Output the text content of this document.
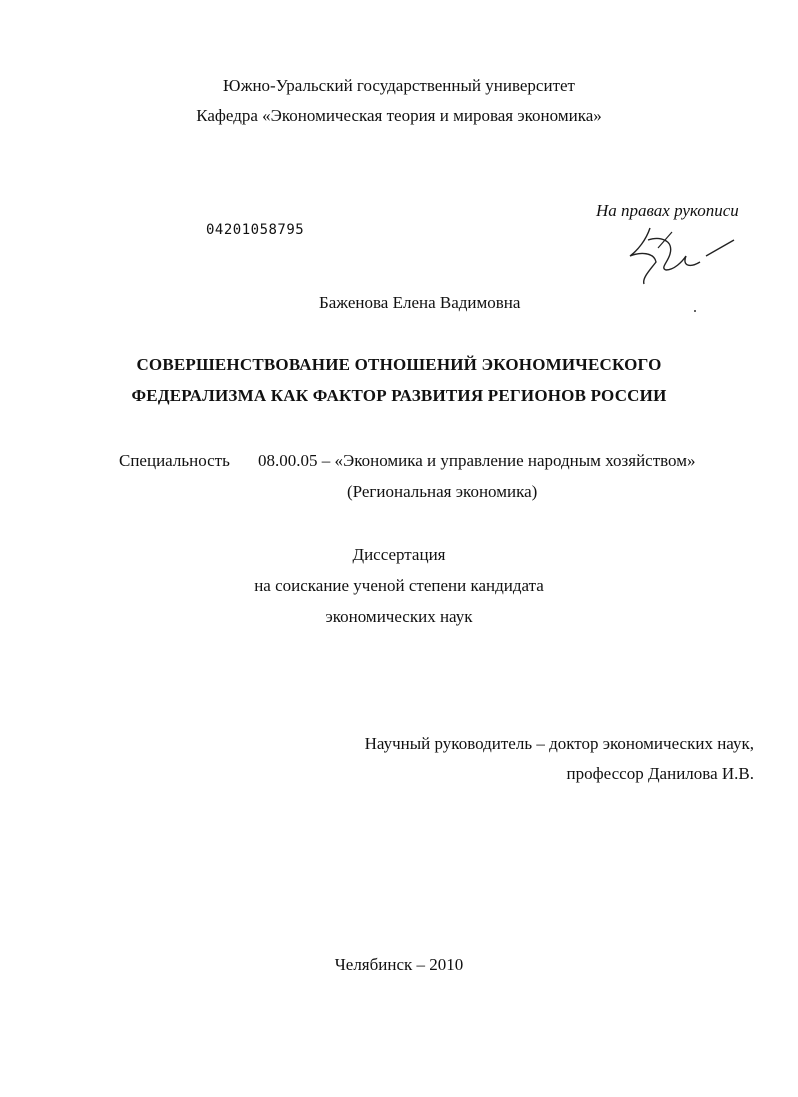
Южно-Уральский государственный университет
Кафедра «Экономическая теория и мировая экономика»
04201058795
На правах рукописи
Баженова Елена Вадимовна
СОВЕРШЕНСТВОВАНИЕ ОТНОШЕНИЙ ЭКОНОМИЧЕСКОГО
ФЕДЕРАЛИЗМА КАК ФАКТОР РАЗВИТИЯ РЕГИОНОВ РОССИИ
Специальность 08.00.05 – «Экономика и управление народным хозяйством»
(Региональная экономика)
Диссертация
на соискание ученой степени кандидата
экономических наук
Научный руководитель – доктор экономических наук,
профессор Данилова И.В.
Челябинск – 2010
